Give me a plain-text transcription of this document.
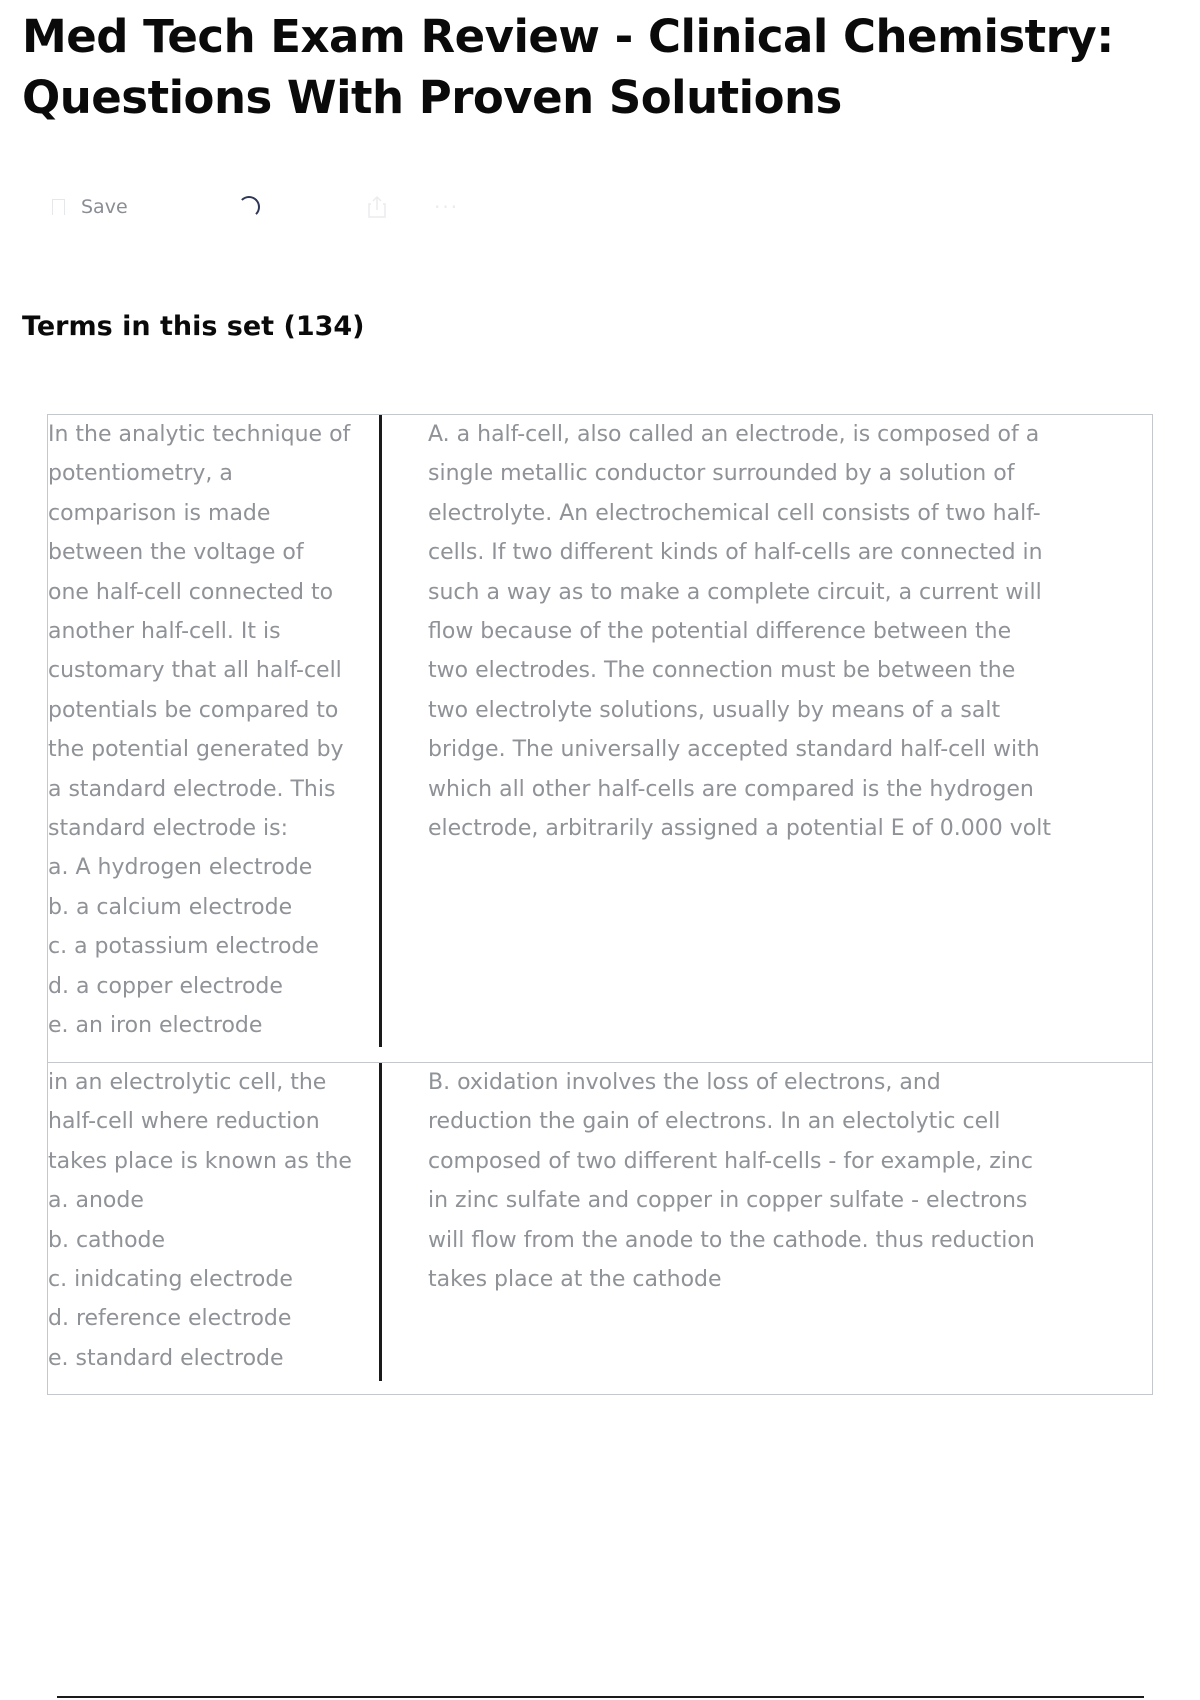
Med Tech Exam Review - Clinical Chemistry: Questions With Proven Solutions
Save	···
Terms in this set (134)
In the analytic technique of
potentiometry, a
comparison is made
between the voltage of
one half-cell connected to
another half-cell. It is
customary that all half-cell
potentials be compared to
the potential generated by
a standard electrode. This
standard electrode is:
a. A hydrogen electrode
b. a calcium electrode
c. a potassium electrode
d. a copper electrode
e. an iron electrode
A. a half-cell, also called an electrode, is composed of a
single metallic conductor surrounded by a solution of
electrolyte. An electrochemical cell consists of two half-
cells. If two different kinds of half-cells are connected in
such a way as to make a complete circuit, a current will
flow because of the potential difference between the
two electrodes. The connection must be between the
two electrolyte solutions, usually by means of a salt
bridge. The universally accepted standard half-cell with
which all other half-cells are compared is the hydrogen
electrode, arbitrarily assigned a potential E of 0.000 volt
in an electrolytic cell, the
half-cell where reduction
takes place is known as the
a. anode
b. cathode
c. inidcating electrode
d. reference electrode
e. standard electrode
B. oxidation involves the loss of electrons, and
reduction the gain of electrons. In an electolytic cell
composed of two different half-cells - for example, zinc
in zinc sulfate and copper in copper sulfate - electrons
will flow from the anode to the cathode. thus reduction
takes place at the cathode
